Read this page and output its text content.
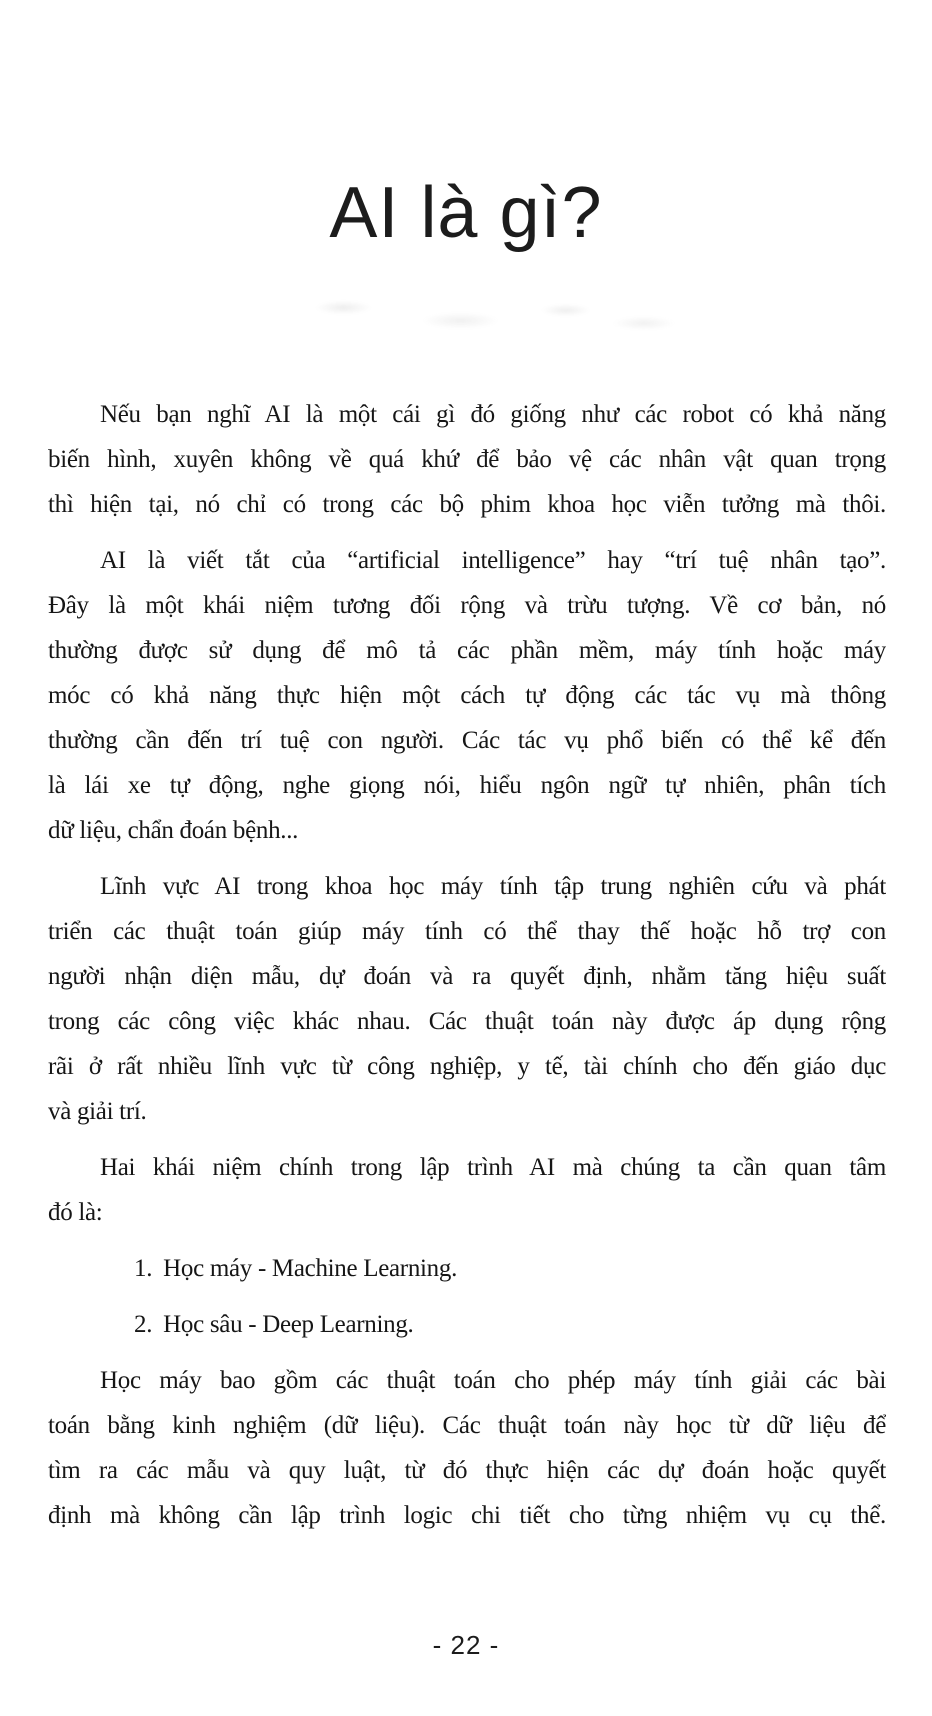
AI là gì?
Nếu bạn nghĩ AI là một cái gì đó giống như các robot có khả năng
biến hình, xuyên không về quá khứ để bảo vệ các nhân vật quan trọng
thì hiện tại, nó chỉ có trong các bộ phim khoa học viễn tưởng mà thôi.
AI là viết tắt của “artificial intelligence” hay “trí tuệ nhân tạo”.
Đây là một khái niệm tương đối rộng và trừu tượng. Về cơ bản, nó
thường được sử dụng để mô tả các phần mềm, máy tính hoặc máy
móc có khả năng thực hiện một cách tự động các tác vụ mà thông
thường cần đến trí tuệ con người. Các tác vụ phổ biến có thể kể đến
là lái xe tự động, nghe giọng nói, hiểu ngôn ngữ tự nhiên, phân tích
dữ liệu, chẩn đoán bệnh...
Lĩnh vực AI trong khoa học máy tính tập trung nghiên cứu và phát
triển các thuật toán giúp máy tính có thể thay thế hoặc hỗ trợ con
người nhận diện mẫu, dự đoán và ra quyết định, nhằm tăng hiệu suất
trong các công việc khác nhau. Các thuật toán này được áp dụng rộng
rãi ở rất nhiều lĩnh vực từ công nghiệp, y tế, tài chính cho đến giáo dục
và giải trí.
Hai khái niệm chính trong lập trình AI mà chúng ta cần quan tâm
đó là:
1. Học máy - Machine Learning.
2. Học sâu - Deep Learning.
Học máy bao gồm các thuật toán cho phép máy tính giải các bài
toán bằng kinh nghiệm (dữ liệu). Các thuật toán này học từ dữ liệu để
tìm ra các mẫu và quy luật, từ đó thực hiện các dự đoán hoặc quyết
định mà không cần lập trình logic chi tiết cho từng nhiệm vụ cụ thể.
- 22 -
